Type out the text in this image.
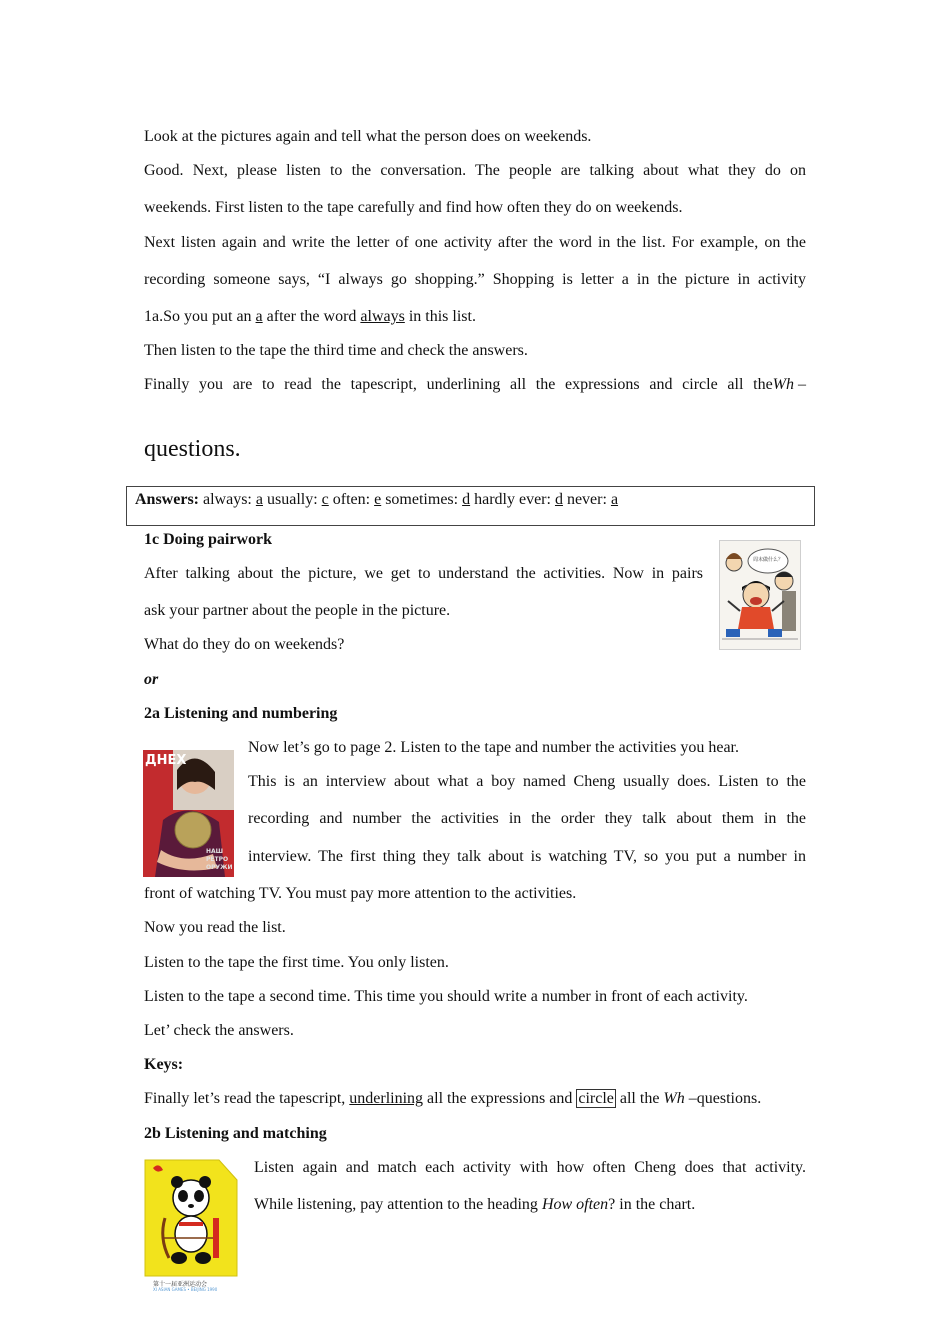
Look at the pictures again and tell what the person does on weekends.
Good. Next, please listen to the conversation. The people are talking about what they do on
weekends. First listen to the tape carefully and find how often they do on weekends.
Next listen again and write the letter of one activity after the word in the list. For example, on the
recording someone says, “I always go shopping.” Shopping is letter a in the picture in activity
1a.So you put an a after the word always in this list.
Then listen to the tape the third time and check the answers.
Finally you are to read the tapescript, underlining all the expressions and circle all the Wh –
questions.
Answers: always: a usually: c often: e sometimes: d hardly ever: d never: a
1c Doing pairwork
After talking about the picture, we get to understand the activities. Now in pairs
ask your partner about the people in the picture.
What do they do on weekends?
or
周末做什么？
2a Listening and numbering
ДНЕХ
НАШ РЕТРО ОРУЖИ
Now let’s go to page 2. Listen to the tape and number the activities you hear.
This is an interview about what a boy named Cheng usually does. Listen to the
recording and number the activities in the order they talk about them in the
interview. The first thing they talk about is watching TV, so you put a number in
front of watching TV. You must pay more attention to the activities.
Now you read the list.
Listen to the tape the first time. You only listen.
Listen to the tape a second time. This time you should write a number in front of each activity.
Let’ check the answers.
Keys:
Finally let’s read the tapescript, underlining all the expressions and circle all the Wh –questions.
2b Listening and matching
第十一届亚洲运动会
XI ASIAN GAMES • BEIJING 1990
Listen again and match each activity with how often Cheng does that activity.
While listening, pay attention to the heading How often? in the chart.
